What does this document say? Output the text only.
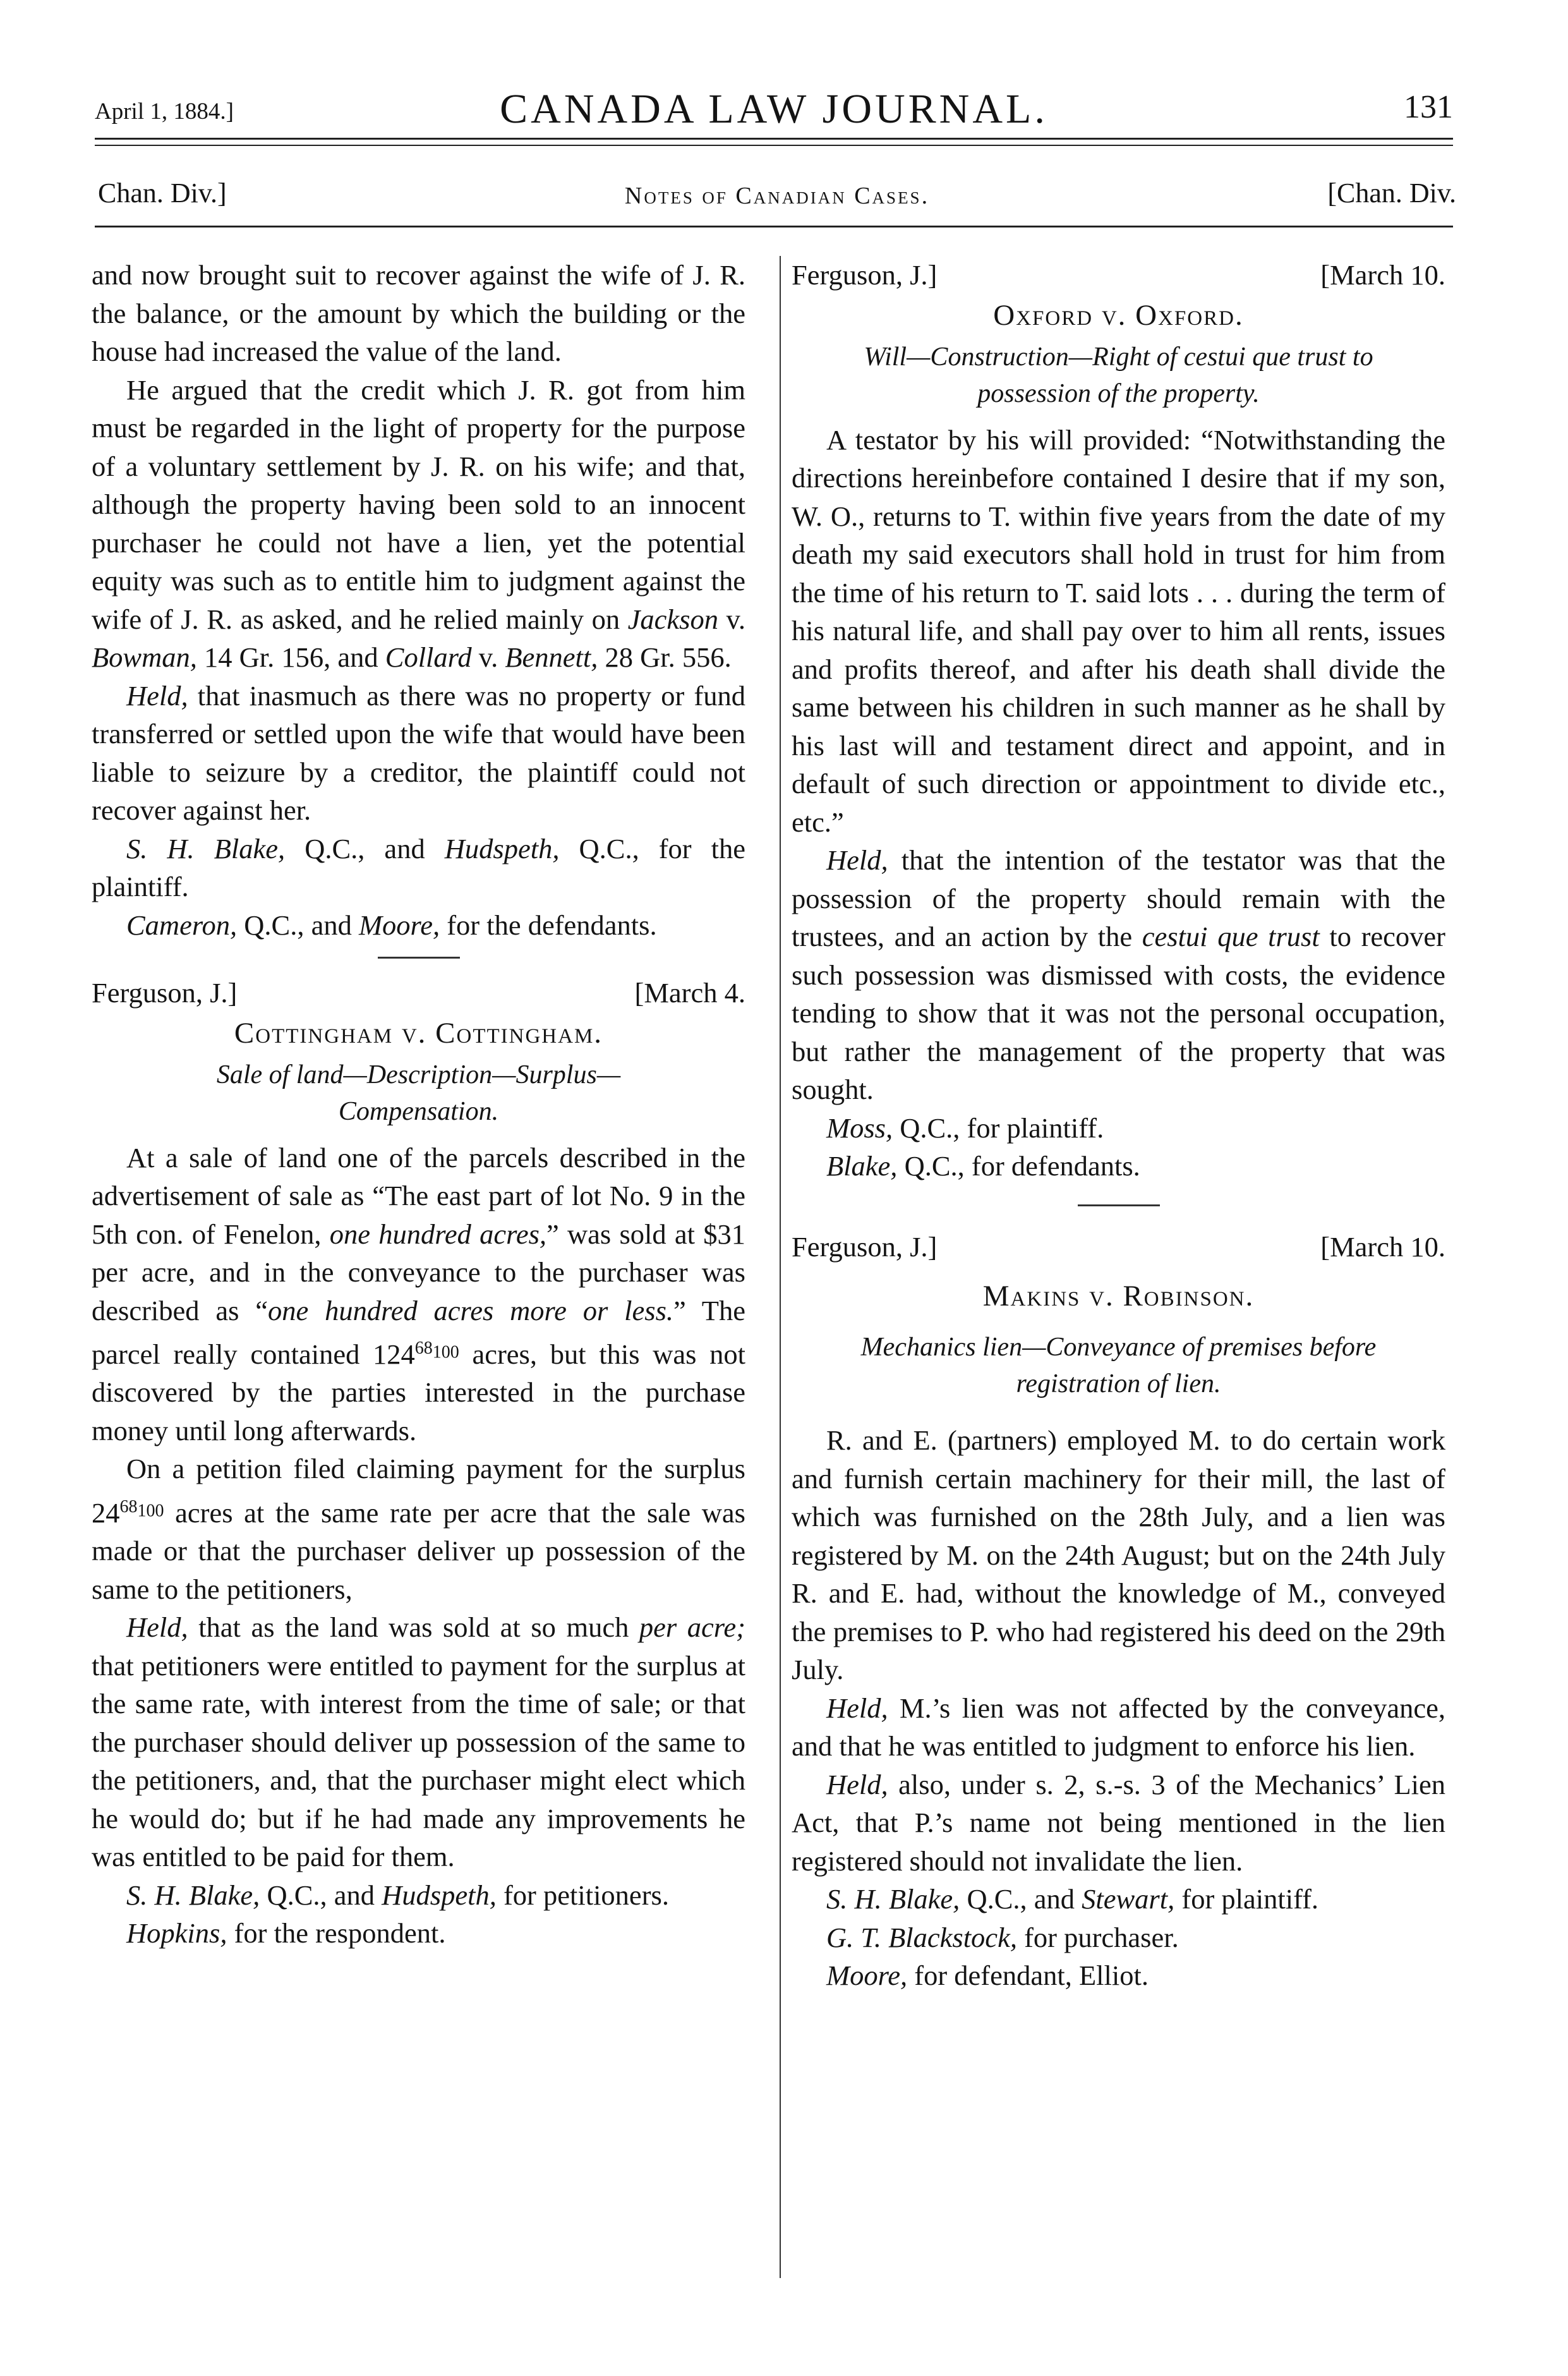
April 1, 1884.]	CANADA LAW JOURNAL.	131
Chan. Div.]	Notes of Canadian Cases.	[Chan. Div.

and now brought suit to recover against the wife of J. R. the balance, or the amount by which the building or the house had increased the value of the land.

He argued that the credit which J. R. got from him must be regarded in the light of property for the purpose of a voluntary settlement by J. R. on his wife; and that, although the property having been sold to an innocent purchaser he could not have a lien, yet the potential equity was such as to entitle him to judgment against the wife of J. R. as asked, and he relied mainly on Jackson v. Bowman, 14 Gr. 156, and Collard v. Bennett, 28 Gr. 556.

Held, that inasmuch as there was no property or fund transferred or settled upon the wife that would have been liable to seizure by a creditor, the plaintiff could not recover against her.

S. H. Blake, Q.C., and Hudspeth, Q.C., for the plaintiff.

Cameron, Q.C., and Moore, for the defendants.

Ferguson, J.]	[March 4.
Cottingham v. Cottingham.
Sale of land—Description—Surplus—
Compensation.

At a sale of land one of the parcels described in the advertisement of sale as “The east part of lot No. 9 in the 5th con. of Fenelon, one hundred acres,” was sold at $31 per acre, and in the conveyance to the purchaser was described as “one hundred acres more or less.” The parcel really contained $124^{68100}$ acres, but this was not discovered by the parties interested in the purchase money until long afterwards.

On a petition filed claiming payment for the surplus $24^{68100}$ acres at the same rate per acre that the sale was made or that the purchaser deliver up possession of the same to the petitioners,

Held, that as the land was sold at so much per acre; that petitioners were entitled to payment for the surplus at the same rate, with interest from the time of sale; or that the purchaser should deliver up possession of the same to the petitioners, and, that the purchaser might elect which he would do; but if he had made any improvements he was entitled to be paid for them.

S. H. Blake, Q.C., and Hudspeth, for petitioners.

Hopkins, for the respondent.

Ferguson, J.]	[March 10.
Oxford v. Oxford.
Will—Construction—Right of cestui que trust to
possession of the property.

A testator by his will provided: “Notwithstanding the directions hereinbefore contained I desire that if my son, W. O., returns to T. within five years from the date of my death my said executors shall hold in trust for him from the time of his return to T. said lots . . . during the term of his natural life, and shall pay over to him all rents, issues and profits thereof, and after his death shall divide the same between his children in such manner as he shall by his last will and testament direct and appoint, and in default of such direction or appointment to divide etc., etc.”

Held, that the intention of the testator was that the possession of the property should remain with the trustees, and an action by the cestui que trust to recover such possession was dismissed with costs, the evidence tending to show that it was not the personal occupation, but rather the management of the property that was sought.

Moss, Q.C., for plaintiff.

Blake, Q.C., for defendants.

Ferguson, J.]	[March 10.
Makins v. Robinson.
Mechanics lien—Conveyance of premises before
registration of lien.

R. and E. (partners) employed M. to do certain work and furnish certain machinery for their mill, the last of which was furnished on the 28th July, and a lien was registered by M. on the 24th August; but on the 24th July R. and E. had, without the knowledge of M., conveyed the premises to P. who had registered his deed on the 29th July.

Held, M.’s lien was not affected by the conveyance, and that he was entitled to judgment to enforce his lien.

Held, also, under s. 2, s.-s. 3 of the Mechanics’ Lien Act, that P.’s name not being mentioned in the lien registered should not invalidate the lien.

S. H. Blake, Q.C., and Stewart, for plaintiff.

G. T. Blackstock, for purchaser.

Moore, for defendant, Elliot.
